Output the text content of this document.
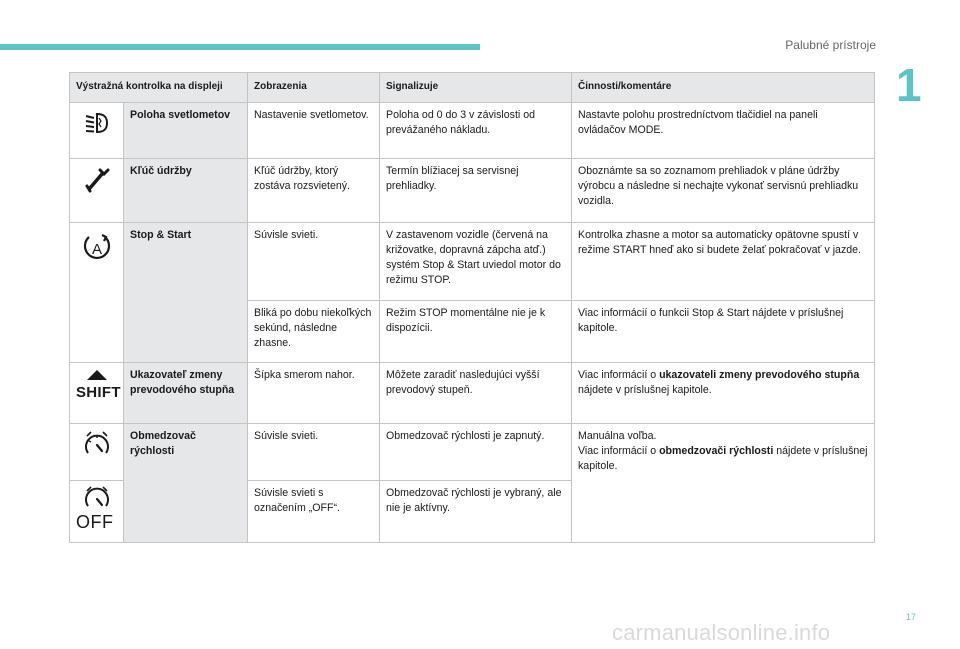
Palubné prístroje
1
Výstražná kontrolka na displeji		Zobrazenia	Signalizuje	Činnosti/komentáre

	Poloha svetlometov	Nastavenie svetlometov.	Poloha od 0 do 3 v závislosti od prevážaného nákladu.	Nastavte polohu prostredníctvom tlačidiel na paneli ovládačov MODE.

	Kľúč údržby	Kľúč údržby, ktorý zostáva rozsvietený.	Termín blížiacej sa servisnej prehliadky.	Oboznámte sa so zoznamom prehliadok v pláne údržby výrobcu a následne si nechajte vykonať servisnú prehliadku vozidla.

A	Stop & Start	Súvisle svieti.	V zastavenom vozidle (červená na križovatke, dopravná zápcha atď.) systém Stop & Start uviedol motor do režimu STOP.	Kontrolka zhasne a motor sa automaticky opätovne spustí v režime START hneď ako si budete želať pokračovať v jazde.
		Bliká po dobu niekoľkých sekúnd, následne zhasne.	Režim STOP momentálne nie je k dispozícii.	Viac informácií o funkcii Stop & Start nájdete v príslušnej kapitole.

SHIFT	Ukazovateľ zmeny prevodového stupňa	Šípka smerom nahor.	Môžete zaradiť nasledujúci vyšší prevodový stupeň.	Viac informácií o ukazovateli zmeny prevodového stupňa nájdete v príslušnej kapitole.

	Obmedzovač rýchlosti	Súvisle svieti.	Obmedzovač rýchlosti je zapnutý.	Manuálna voľba.
Viac informácií o obmedzovači rýchlosti nájdete v príslušnej kapitole.

OFF		Súvisle svieti s označením „OFF“.	Obmedzovač rýchlosti je vybraný, ale nie je aktívny.	
17
carmanualsonline.info
